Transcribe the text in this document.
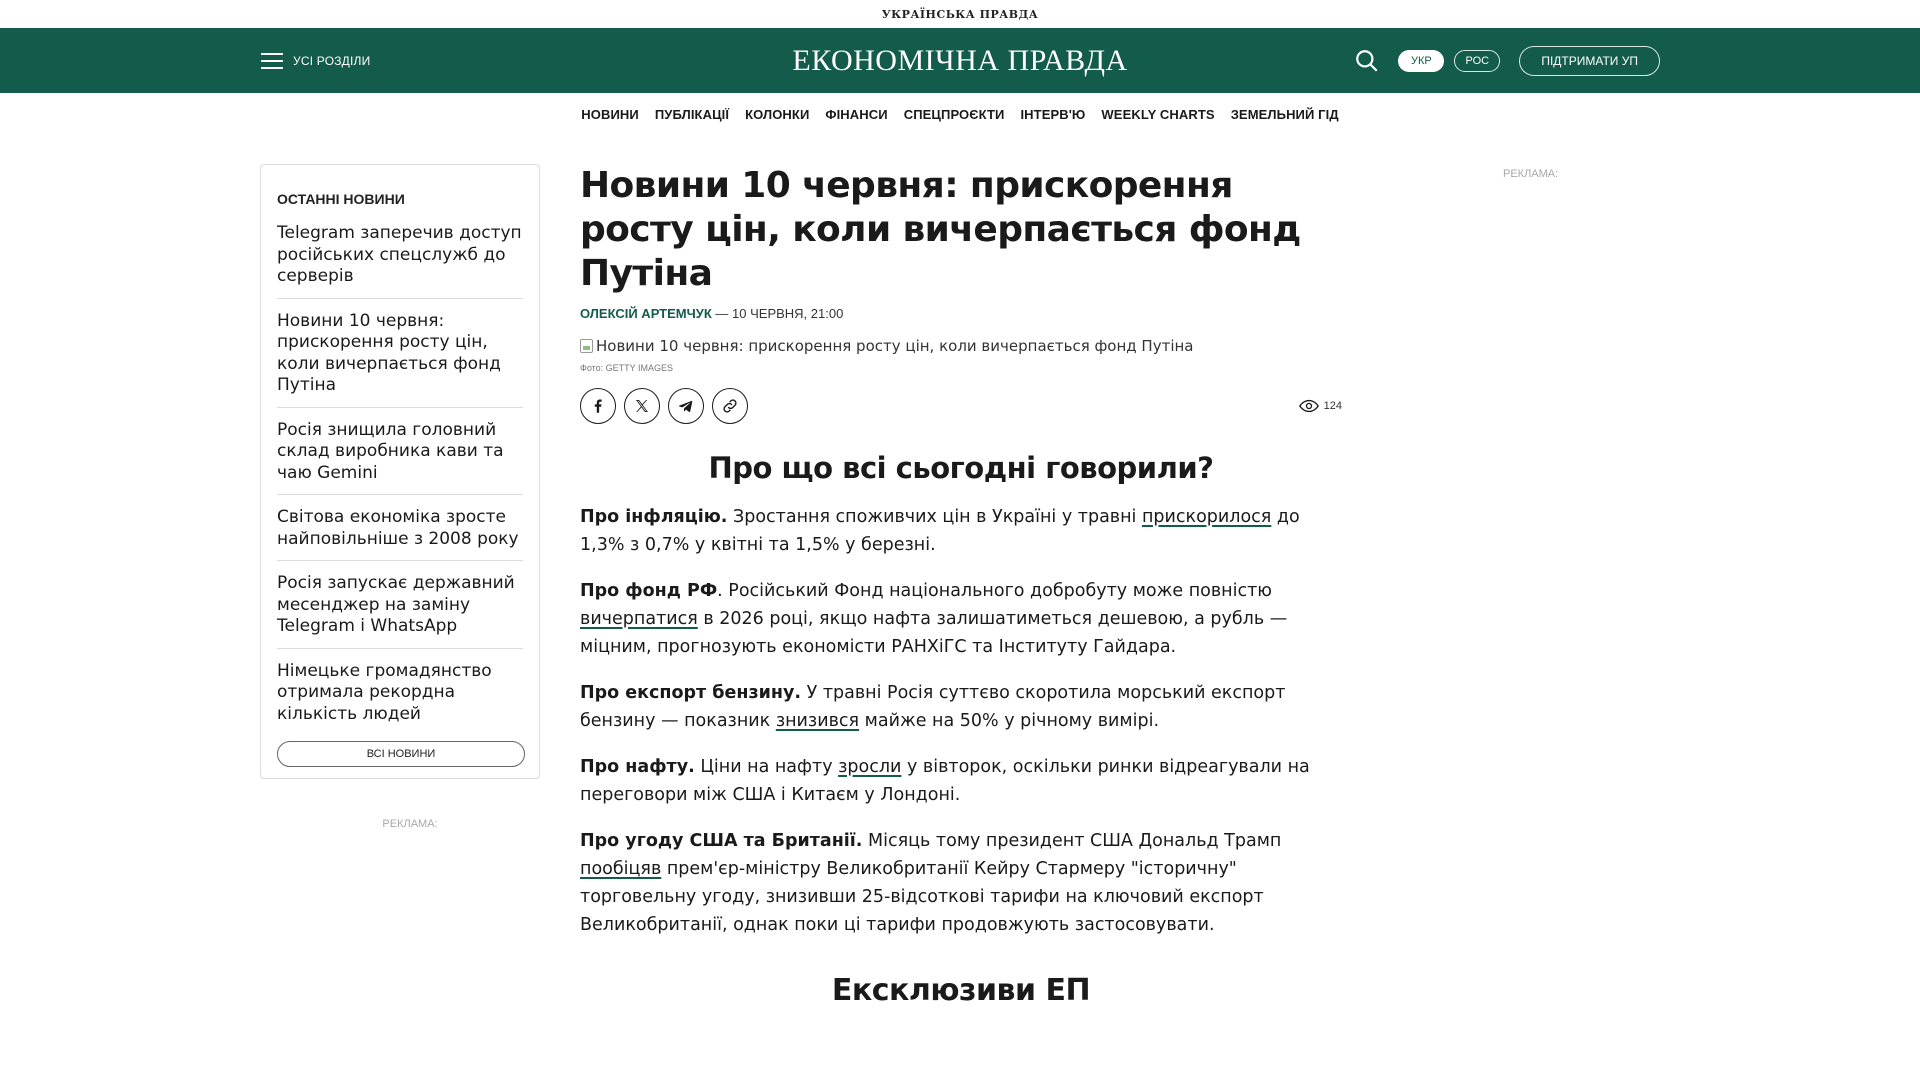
УКРАЇНСЬКА ПРАВДА
УСІ РОЗДІЛИ	ЕКОНОМІЧНА ПРАВДА	УКР	РОС	ПІДТРИМАТИ УП
НОВИНИ ПУБЛІКАЦІЇ КОЛОНКИ ФІНАНСИ СПЕЦПРОЄКТИ ІНТЕРВ'Ю WEEKLY CHARTS ЗЕМЕЛЬНИЙ ГІД
ОСТАННІ НОВИНИ
Telegram заперечив доступ російських спецслужб до серверів
Новини 10 червня: прискорення росту цін, коли вичерпається фонд Путіна
Росія знищила головний склад виробника кави та чаю Gemini
Світова економіка зросте найповільніше з 2008 року
Росія запускає державний месенджер на заміну Telegram і WhatsApp
Німецьке громадянство отримала рекордна кількість людей
ВСІ НОВИНИ
РЕКЛАМА:
РЕКЛАМА:
Новини 10 червня: прискорення росту цін, коли вичерпається фонд Путіна
ОЛЕКСІЙ АРТЕМЧУК — 10 ЧЕРВНЯ, 21:00
Новини 10 червня: прискорення росту цін, коли вичерпається фонд Путіна
Фото: GETTY IMAGES
124
Про що всі сьогодні говорили?

Про інфляцію. Зростання споживчих цін в Україні у травні прискорилося до 1,3% з 0,7% у квітні та 1,5% у березні.

Про фонд РФ. Російський Фонд національного добробуту може повністю вичерпатися в 2026 році, якщо нафта залишатиметься дешевою, а рубль — міцним, прогнозують економісти РАНХіГС та Інституту Гайдара.

Про експорт бензину. У травні Росія суттєво скоротила морський експорт бензину — показник знизився майже на 50% у річному вимірі.

Про нафту. Ціни на нафту зросли у вівторок, оскільки ринки відреагували на переговори між США і Китаєм у Лондоні.

Про угоду США та Британії. Місяць тому президент США Дональд Трамп пообіцяв прем'єр-міністру Великобританії Кейру Стармеру "історичну" торговельну угоду, знизивши 25-відсоткові тарифи на ключовий експорт Великобританії, однак поки ці тарифи продовжують застосовувати.

Ексклюзиви ЕП
